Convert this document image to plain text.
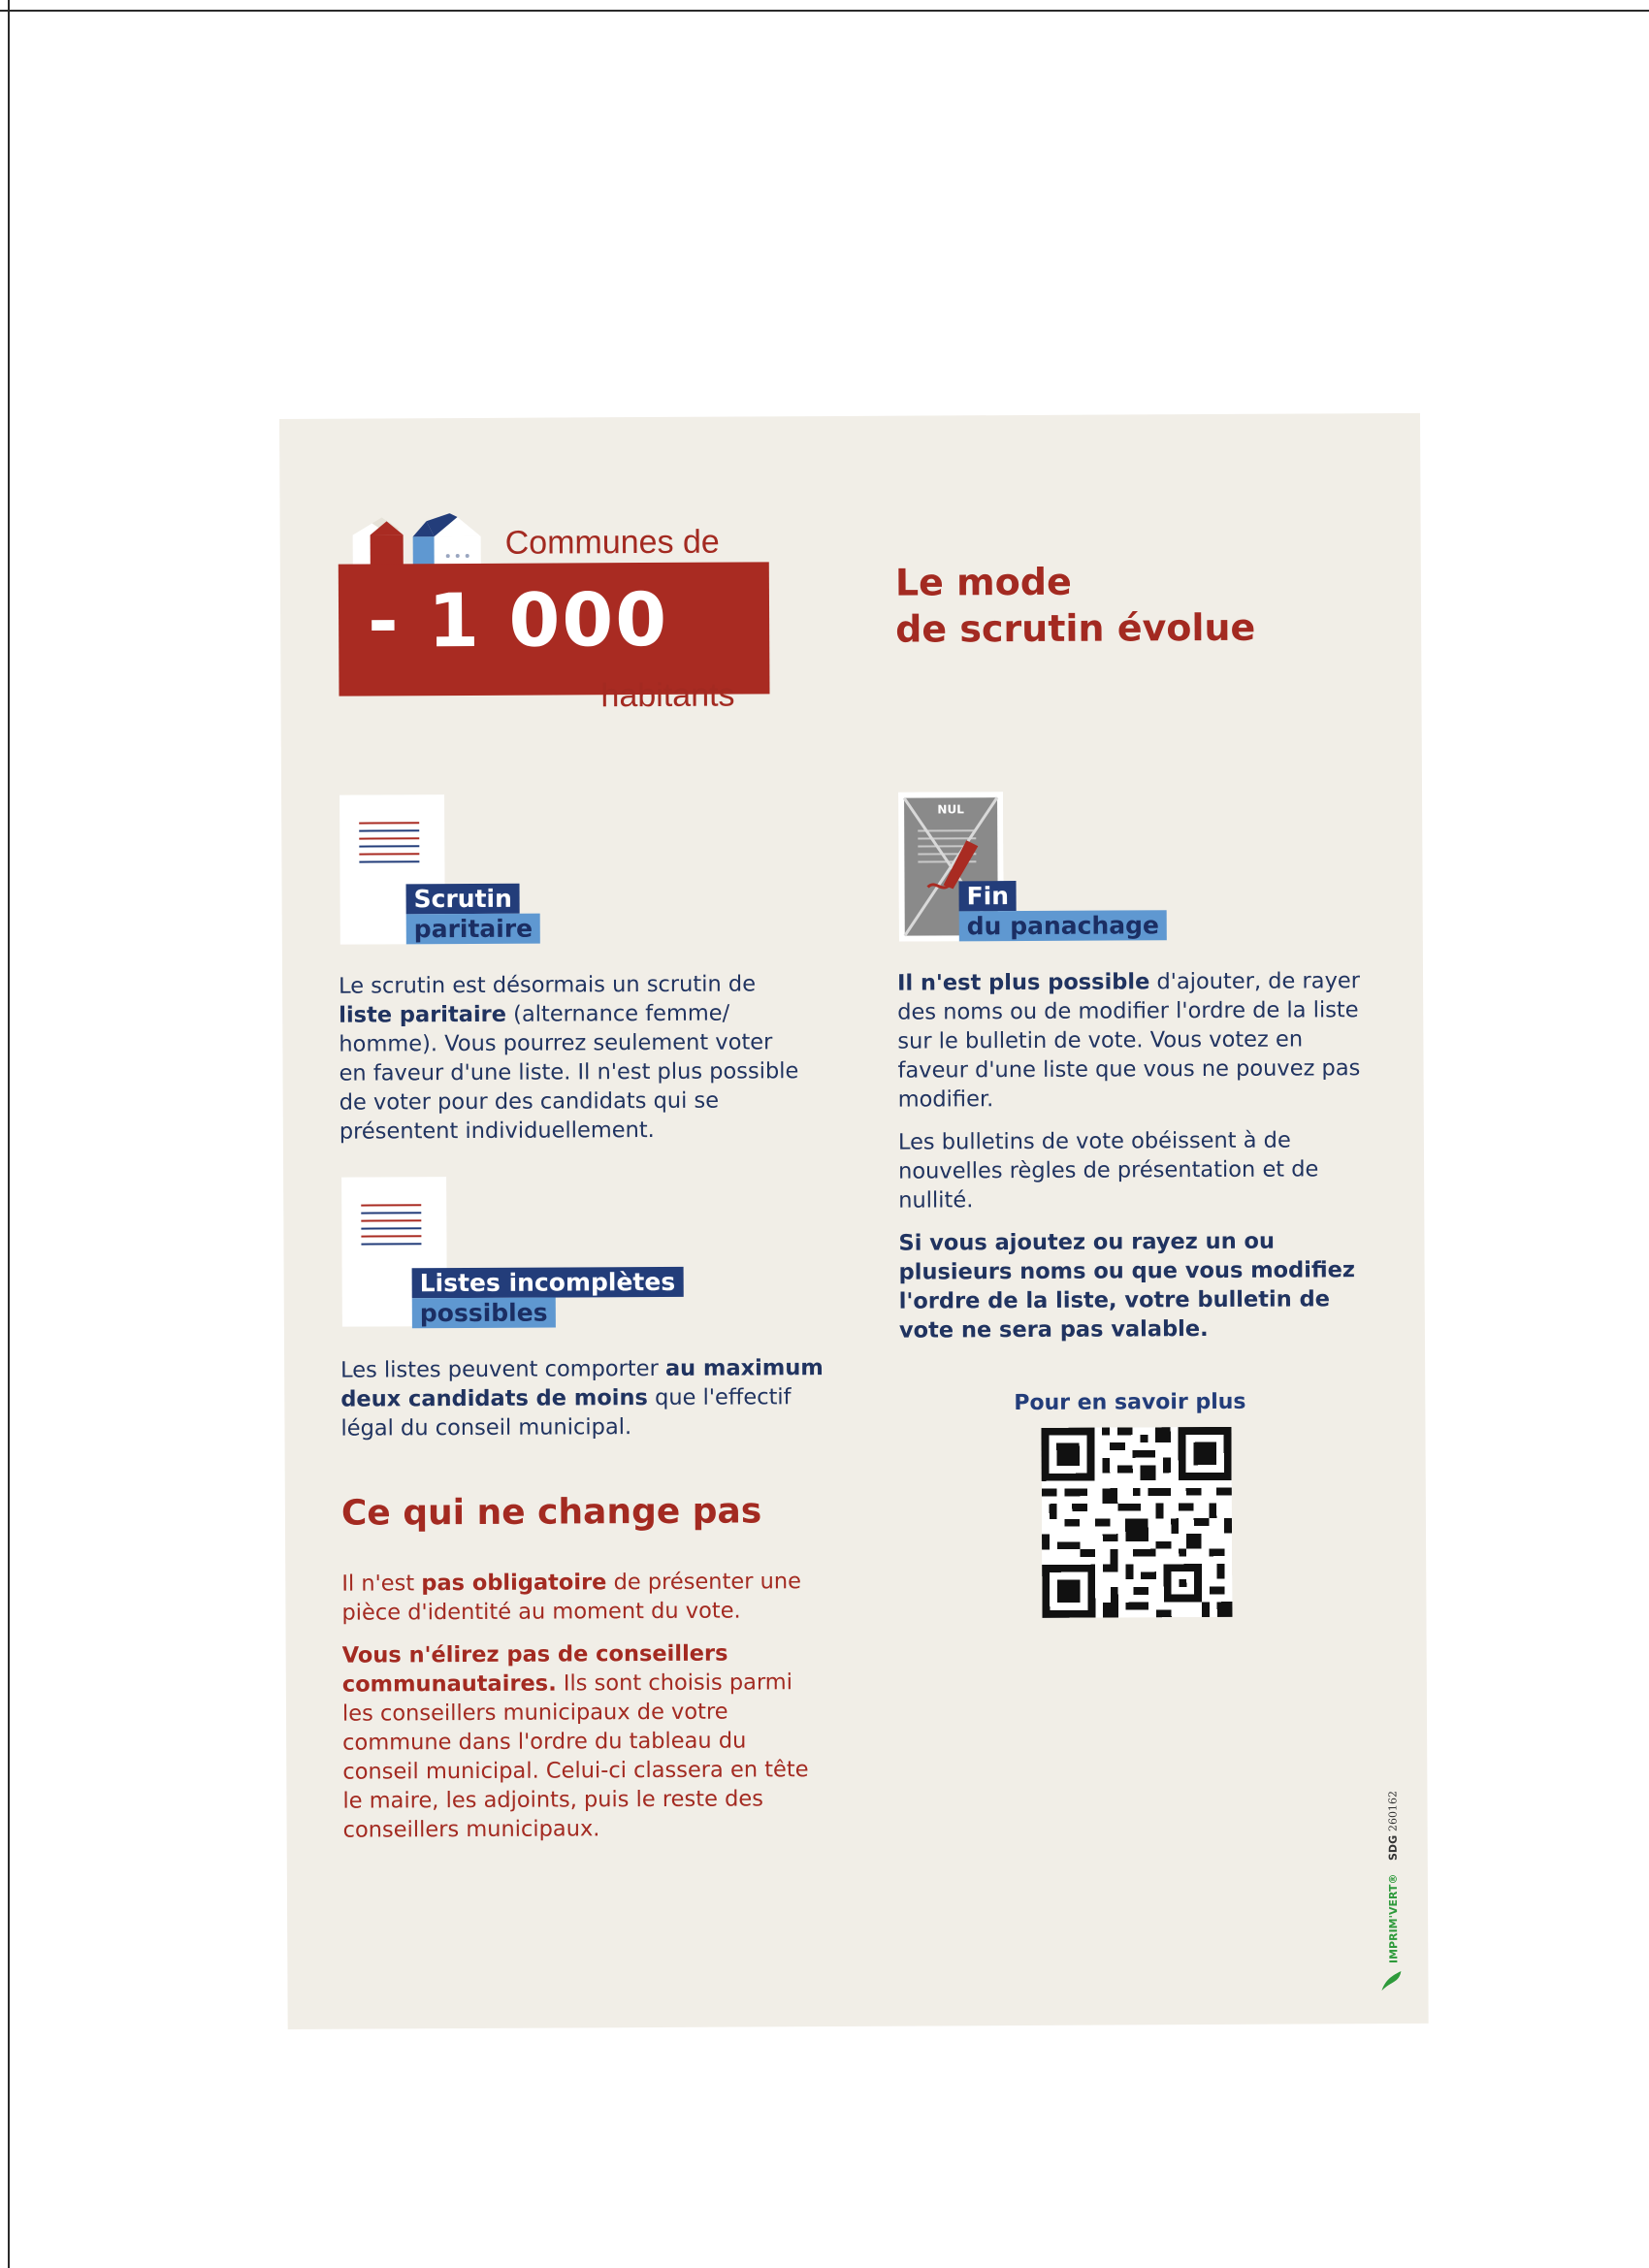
Communes de
- 1 000
habitants
Le mode
de scrutin évolue
Scrutin
paritaire
Le scrutin est désormais un scrutin de liste paritaire (alternance femme/ homme). Vous pourrez seulement voter en faveur d'une liste. Il n'est plus possible de voter pour des candidats qui se présentent individuellement.
Listes incomplètes
possibles
Les listes peuvent comporter au maximum deux candidats de moins que l'effectif légal du conseil municipal.
NUL
Fin
du panachage

Il n'est plus possible d'ajouter, de rayer des noms ou de modifier l'ordre de la liste sur le bulletin de vote. Vous votez en faveur d'une liste que vous ne pouvez pas modifier.

Les bulletins de vote obéissent à de nouvelles règles de présentation et de nullité.

Si vous ajoutez ou rayez un ou plusieurs noms ou que vous modifiez l'ordre de la liste, votre bulletin de vote ne sera pas valable.

Pour en savoir plus
Ce qui ne change pas

Il n'est pas obligatoire de présenter une pièce d'identité au moment du vote.

Vous n'élirez pas de conseillers communautaires. Ils sont choisis parmi les conseillers municipaux de votre commune dans l'ordre du tableau du conseil municipal. Celui-ci classera en tête le maire, les adjoints, puis le reste des conseillers municipaux.

IMPRIM'VERT®
SDG
260162
